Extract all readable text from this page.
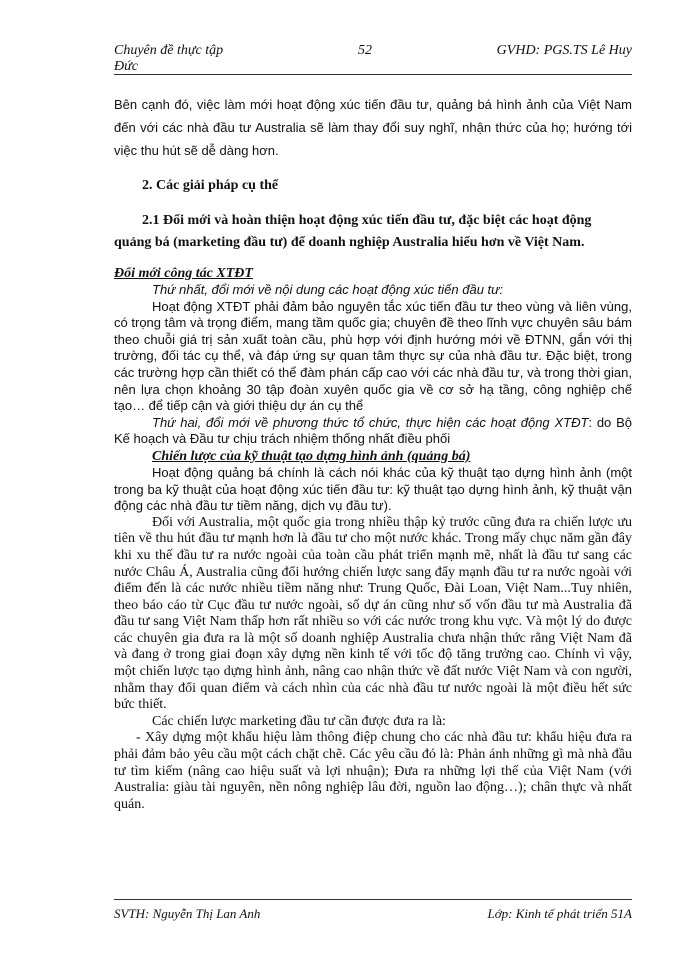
Chuyên đề thực tập	52	GVHD: PGS.TS Lê Huy
Đức

Bên cạnh đó, việc làm mới hoạt động xúc tiến đầu tư, quảng bá hình ảnh của Việt Nam đến với các nhà đầu tư Australia sẽ làm thay đổi suy nghĩ, nhận thức của họ; hướng tới việc thu hút sẽ dễ dàng hơn.

2. Các giải pháp cụ thể

2.1 Đổi mới và hoàn thiện hoạt động xúc tiến đầu tư, đặc biệt các hoạt động quảng bá (marketing đầu tư) để doanh nghiệp Australia hiểu hơn về Việt Nam.

Đổi mới công tác XTĐT

Thứ nhất, đổi mới về nội dung các hoạt động xúc tiến đầu tư:

Hoạt động XTĐT phải đảm bảo nguyên tắc xúc tiến đầu tư theo vùng và liên vùng, có trọng tâm và trọng điểm, mang tầm quốc gia; chuyên đề theo lĩnh vực chuyên sâu bám theo chuỗi giá trị sản xuất toàn cầu, phù hợp với định hướng mới về ĐTNN, gắn với thị trường, đối tác cụ thể, và đáp ứng sự quan tâm thực sự của nhà đầu tư. Đặc biệt, trong các trường hợp cần thiết có thể đàm phán cấp cao với các nhà đầu tư, và trong thời gian, nên lựa chọn khoảng 30 tập đoàn xuyên quốc gia về cơ sở hạ tầng, công nghiệp chế tạo… để tiếp cận và giới thiệu dự án cụ thể

Thứ hai, đổi mới về phương thức tổ chức, thực hiện các hoạt động XTĐT: do Bộ Kế hoạch và Đầu tư chịu trách nhiệm thống nhất điều phối

Chiến lược của kỹ thuật tạo dựng hình ảnh (quảng bá)

Hoạt động quảng bá chính là cách nói khác của kỹ thuật tạo dựng hình ảnh (một trong ba kỹ thuật của hoạt động xúc tiến đầu tư: kỹ thuật tạo dựng hình ảnh, kỹ thuật vận động các nhà đầu tư tiềm năng, dịch vụ đầu tư).

Đối với Australia, một quốc gia trong nhiều thập kỷ trước cũng đưa ra chiến lược ưu tiên về thu hút đầu tư mạnh hơn là đầu tư cho một nước khác. Trong mấy chục năm gần đây khi xu thế đầu tư ra nước ngoài của toàn cầu phát triển mạnh mẽ, nhất là đầu tư sang các nước Châu Á, Australia cũng đổi hướng chiến lược sang đẩy mạnh đầu tư ra nước ngoài với điểm đến là các nước nhiều tiềm năng như: Trung Quốc, Đài Loan, Việt Nam...Tuy nhiên, theo báo cáo từ Cục đầu tư nước ngoài, số dự án cũng như số vốn đầu tư mà Australia đã đầu tư sang Việt Nam thấp hơn rất nhiều so với các nước trong khu vực. Và một lý do được các chuyên gia đưa ra là một số doanh nghiệp Australia chưa nhận thức rằng Việt Nam đã và đang ở trong giai đoạn xây dựng nền kinh tế với tốc độ tăng trưởng cao. Chính vì vậy, một chiến lược tạo dựng hình ảnh, nâng cao nhận thức về đất nước Việt Nam và con người, nhằm thay đổi quan điểm và cách nhìn của các nhà đầu tư nước ngoài là một điều hết sức bức thiết.

Các chiến lược marketing đầu tư cần được đưa ra là:

- Xây dựng một khẩu hiệu làm thông điệp chung cho các nhà đầu tư: khẩu hiệu đưa ra phải đảm bảo yêu cầu một cách chặt chẽ. Các yêu cầu đó là: Phản ánh những gì mà nhà đầu tư tìm kiếm (nâng cao hiệu suất và lợi nhuận); Đưa ra những lợi thế của Việt Nam (với Australia: giàu tài nguyên, nền nông nghiệp lâu đời, nguồn lao động…); chân thực và nhất quán.

SVTH: Nguyễn Thị Lan Anh	Lớp: Kinh tế phát triển 51A
